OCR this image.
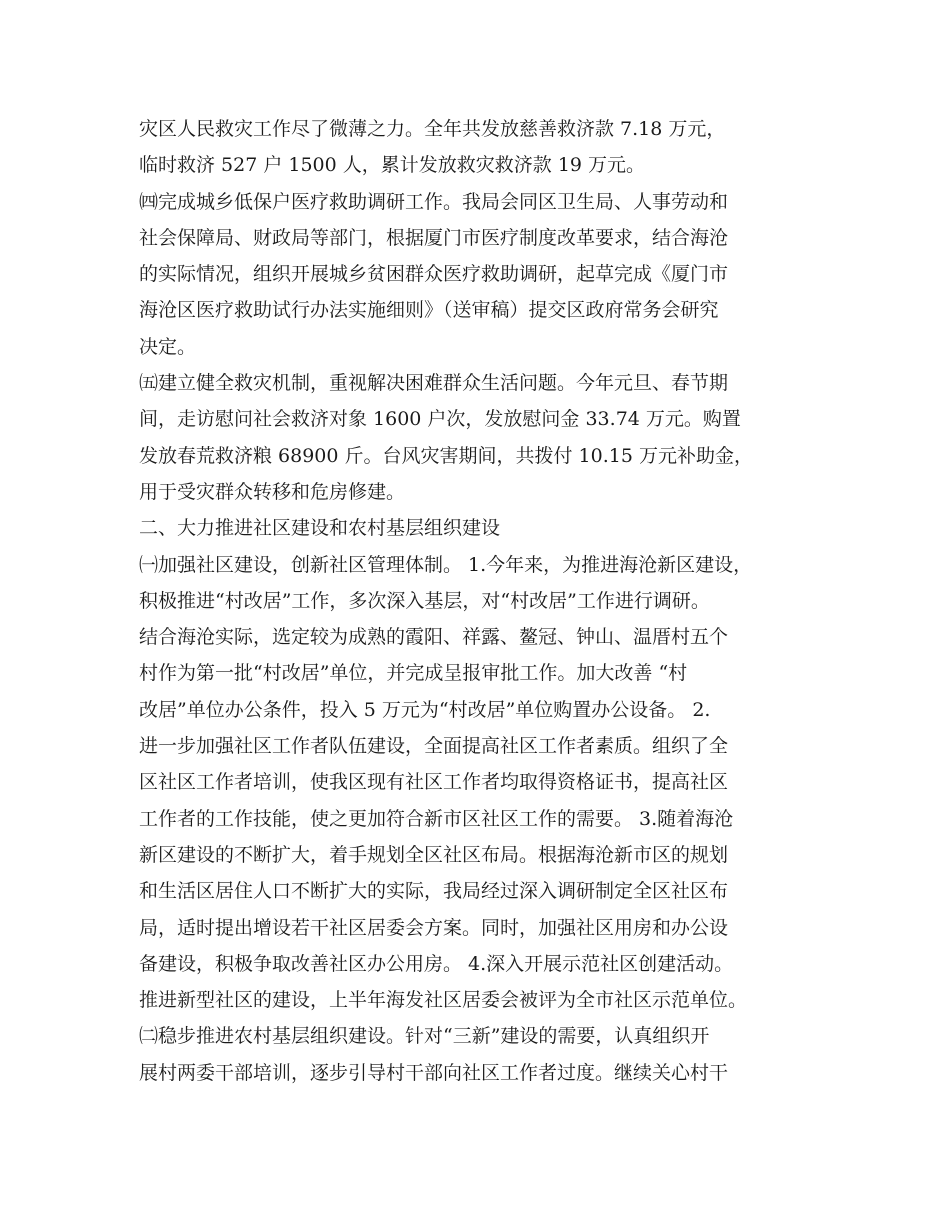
灾区人民救灾工作尽了微薄之力。全年共发放慈善救济款 7.18 万元，
临时救济 527 户 1500 人，累计发放救灾救济款 19 万元。
㈣完成城乡低保户医疗救助调研工作。我局会同区卫生局、人事劳动和
社会保障局、财政局等部门，根据厦门市医疗制度改革要求，结合海沧
的实际情况，组织开展城乡贫困群众医疗救助调研，起草完成《厦门市
海沧区医疗救助试行办法实施细则》（送审稿）提交区政府常务会研究
决定。
㈤建立健全救灾机制，重视解决困难群众生活问题。今年元旦、春节期
间，走访慰问社会救济对象 1600 户次，发放慰问金 33.74 万元。购置
发放春荒救济粮 68900 斤。台风灾害期间，共拨付 10.15 万元补助金，
用于受灾群众转移和危房修建。
二、大力推进社区建设和农村基层组织建设
㈠加强社区建设，创新社区管理体制。 1.今年来，为推进海沧新区建设，
积极推进“村改居”工作，多次深入基层，对“村改居”工作进行调研。
结合海沧实际，选定较为成熟的霞阳、祥露、鳌冠、钟山、温厝村五个
村作为第一批“村改居”单位，并完成呈报审批工作。加大改善 “村
改居”单位办公条件，投入 5 万元为“村改居”单位购置办公设备。 2.
进一步加强社区工作者队伍建设，全面提高社区工作者素质。组织了全
区社区工作者培训，使我区现有社区工作者均取得资格证书，提高社区
工作者的工作技能，使之更加符合新市区社区工作的需要。 3.随着海沧
新区建设的不断扩大，着手规划全区社区布局。根据海沧新市区的规划
和生活区居住人口不断扩大的实际，我局经过深入调研制定全区社区布
局，适时提出增设若干社区居委会方案。同时，加强社区用房和办公设
备建设，积极争取改善社区办公用房。 4.深入开展示范社区创建活动。
推进新型社区的建设，上半年海发社区居委会被评为全市社区示范单位。
㈡稳步推进农村基层组织建设。针对“三新”建设的需要，认真组织开
展村两委干部培训，逐步引导村干部向社区工作者过度。继续关心村干
